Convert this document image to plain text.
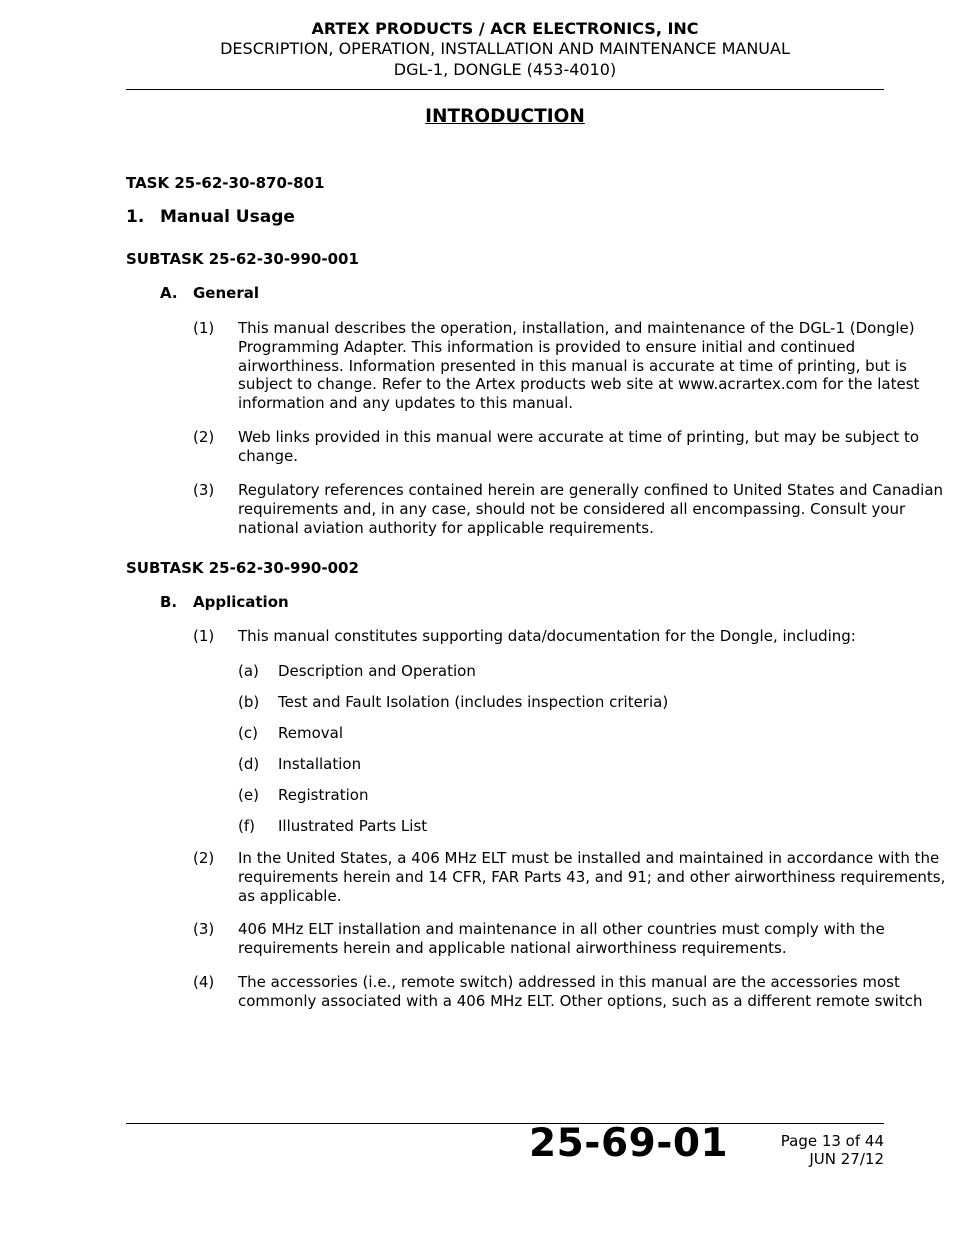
ARTEX PRODUCTS / ACR ELECTRONICS, INC
DESCRIPTION, OPERATION, INSTALLATION AND MAINTENANCE MANUAL
DGL-1, DONGLE (453-4010)
INTRODUCTION
TASK 25-62-30-870-801
1. Manual Usage
SUBTASK 25-62-30-990-001
A. General
(1) This manual describes the operation, installation, and maintenance of the DGL-1 (Dongle)
Programming Adapter. This information is provided to ensure initial and continued
airworthiness. Information presented in this manual is accurate at time of printing, but is
subject to change. Refer to the Artex products web site at www.acrartex.com for the latest
information and any updates to this manual.
(2) Web links provided in this manual were accurate at time of printing, but may be subject to
change.
(3) Regulatory references contained herein are generally confined to United States and Canadian
requirements and, in any case, should not be considered all encompassing. Consult your
national aviation authority for applicable requirements.
SUBTASK 25-62-30-990-002
B. Application
(1) This manual constitutes supporting data/documentation for the Dongle, including:
(a) Description and Operation
(b) Test and Fault Isolation (includes inspection criteria)
(c) Removal
(d) Installation
(e) Registration
(f) Illustrated Parts List
(2) In the United States, a 406 MHz ELT must be installed and maintained in accordance with the
requirements herein and 14 CFR, FAR Parts 43, and 91; and other airworthiness requirements,
as applicable.
(3) 406 MHz ELT installation and maintenance in all other countries must comply with the
requirements herein and applicable national airworthiness requirements.
(4) The accessories (i.e., remote switch) addressed in this manual are the accessories most
commonly associated with a 406 MHz ELT. Other options, such as a different remote switch
25-69-01	Page 13 of 44
JUN 27/12
